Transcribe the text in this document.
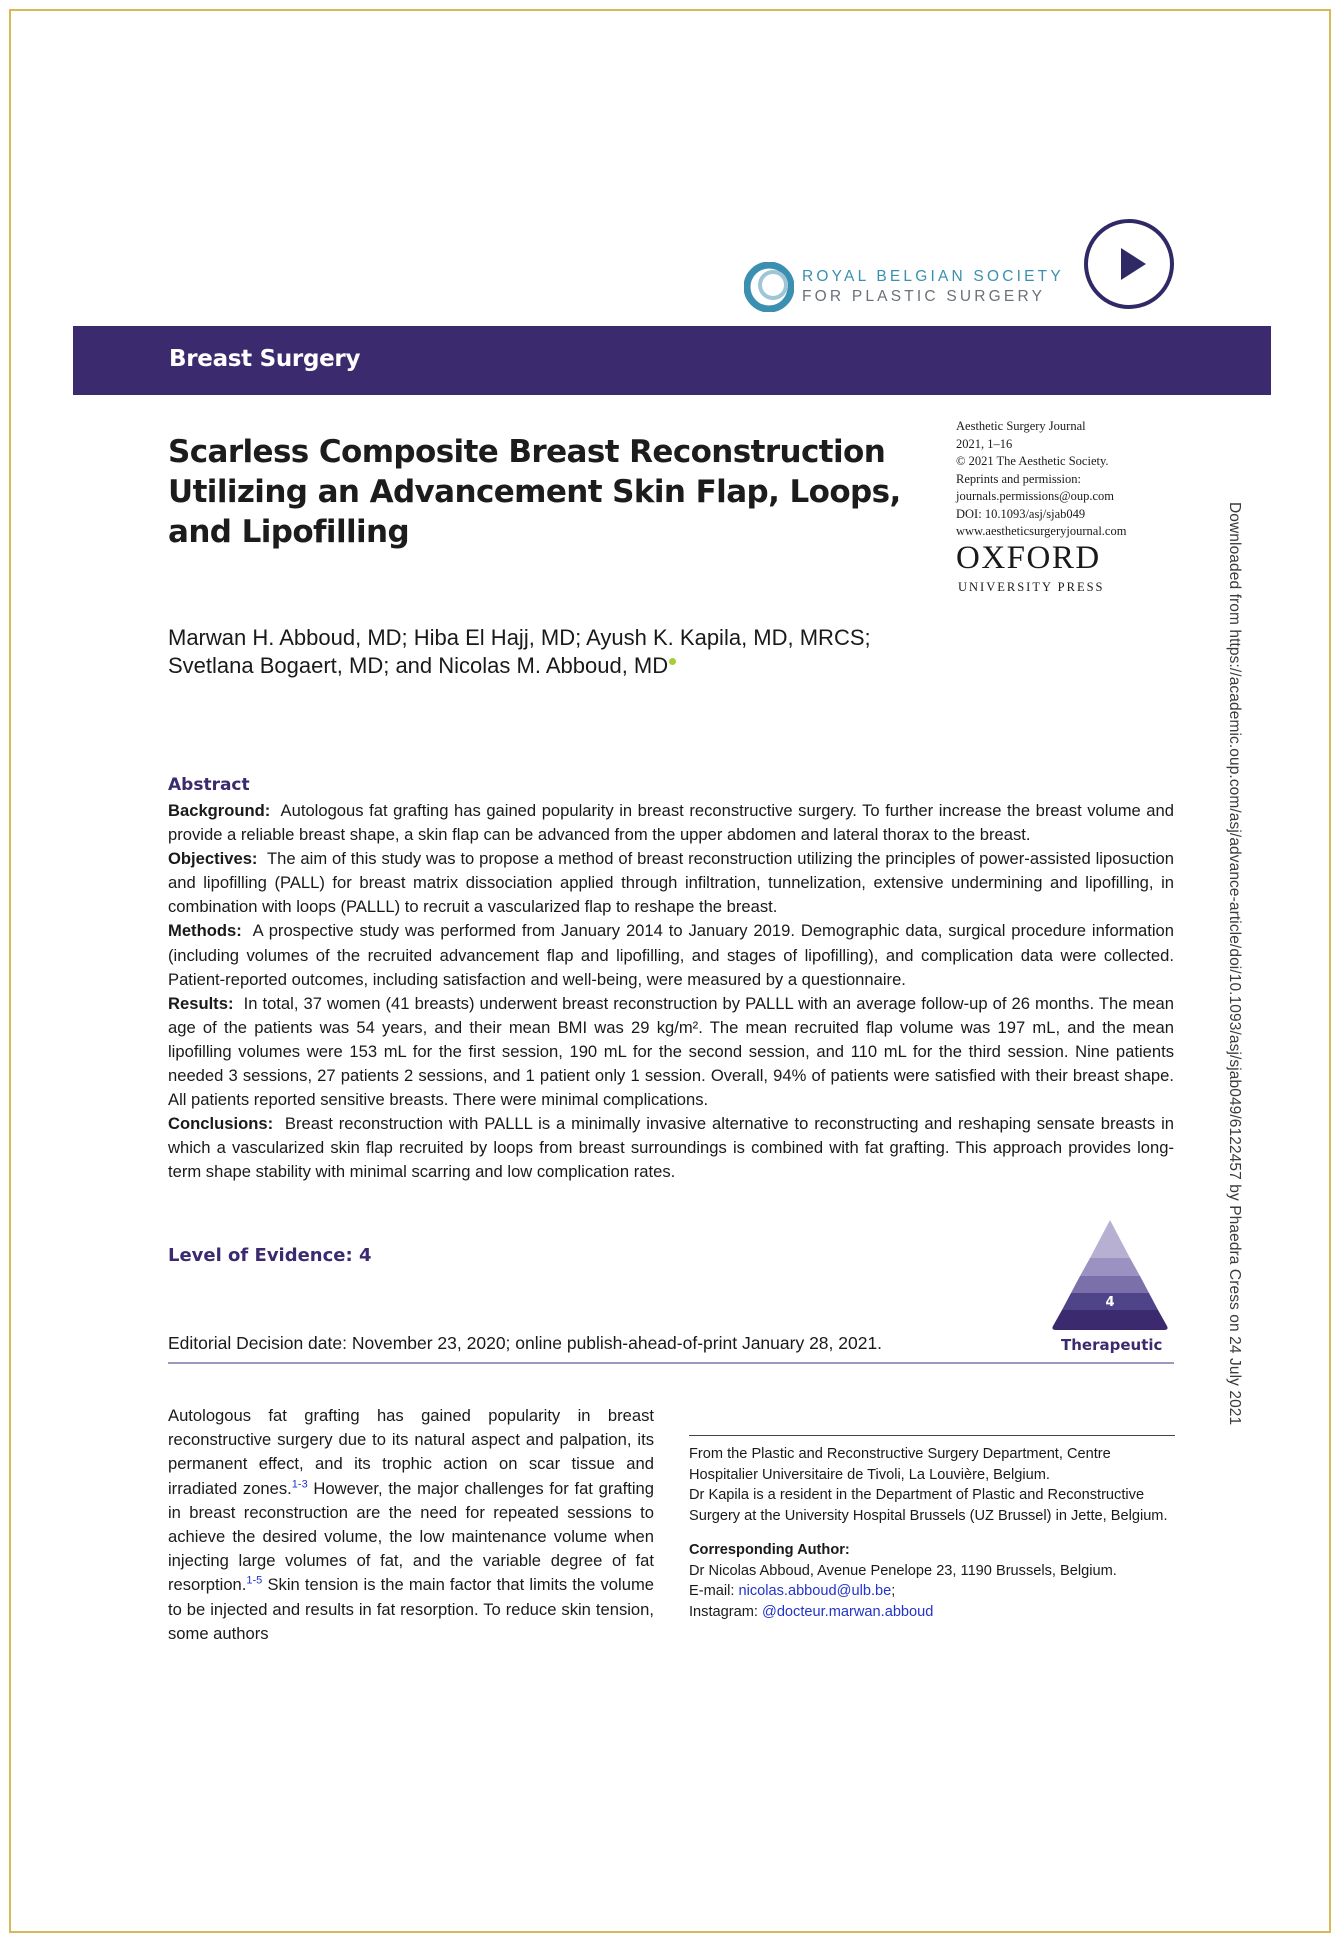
ROYAL BELGIAN SOCIETY
FOR PLASTIC SURGERY
Breast Surgery
Scarless Composite Breast Reconstruction Utilizing an Advancement Skin Flap, Loops, and Lipofilling
Aesthetic Surgery Journal
2021, 1–16
© 2021 The Aesthetic Society.
Reprints and permission:
journals.permissions@oup.com
DOI: 10.1093/asj/sjab049
www.aestheticsurgeryjournal.com
OXFORD
UNIVERSITY PRESS
Marwan H. Abboud, MD; Hiba El Hajj, MD; Ayush K. Kapila, MD, MRCS;
Svetlana Bogaert, MD; and Nicolas M. Abboud, MD	Downloaded from https://academic.oup.com/asj/advance-article/doi/10.1093/asj/sjab049/6122457 by Phaedra Cress on 24 July 2021
Abstract

Background: Autologous fat grafting has gained popularity in breast reconstructive surgery. To further increase the breast volume and provide a reliable breast shape, a skin flap can be advanced from the upper abdomen and lateral thorax to the breast.

Objectives: The aim of this study was to propose a method of breast reconstruction utilizing the principles of power-assisted liposuction and lipofilling (PALL) for breast matrix dissociation applied through infiltration, tunnelization, extensive undermining and lipofilling, in combination with loops (PALLL) to recruit a vascularized flap to reshape the breast.

Methods: A prospective study was performed from January 2014 to January 2019. Demographic data, surgical procedure information (including volumes of the recruited advancement flap and lipofilling, and stages of lipofilling), and complication data were collected. Patient-reported outcomes, including satisfaction and well-being, were measured by a questionnaire.

Results: In total, 37 women (41 breasts) underwent breast reconstruction by PALLL with an average follow-up of 26 months. The mean age of the patients was 54 years, and their mean BMI was 29 kg/m². The mean recruited flap volume was 197 mL, and the mean lipofilling volumes were 153 mL for the first session, 190 mL for the second session, and 110 mL for the third session. Nine patients needed 3 sessions, 27 patients 2 sessions, and 1 patient only 1 session. Overall, 94% of patients were satisfied with their breast shape. All patients reported sensitive breasts. There were minimal complications.

Conclusions: Breast reconstruction with PALLL is a minimally invasive alternative to reconstructing and reshaping sensate breasts in which a vascularized skin flap recruited by loops from breast surroundings is combined with fat grafting. This approach provides long-term shape stability with minimal scarring and low complication rates.

Level of Evidence: 4
4
Therapeutic
Editorial Decision date: November 23, 2020; online publish-ahead-of-print January 28, 2021.

Autologous fat grafting has gained popularity in breast reconstructive surgery due to its natural aspect and palpation, its permanent effect, and its trophic action on scar tissue and irradiated zones.$^{1-3}$ However, the major challenges for fat grafting in breast reconstruction are the need for repeated sessions to achieve the desired volume, the low maintenance volume when injecting large volumes of fat, and the variable degree of fat resorption.$^{1-5}$ Skin tension is the main factor that limits the volume to be injected and results in fat resorption. To reduce skin tension, some authors

From the Plastic and Reconstructive Surgery Department, Centre Hospitalier Universitaire de Tivoli, La Louvière, Belgium.

Dr Kapila is a resident in the Department of Plastic and Reconstructive Surgery at the University Hospital Brussels (UZ Brussel) in Jette, Belgium.

Corresponding Author:

Dr Nicolas Abboud, Avenue Penelope 23, 1190 Brussels, Belgium.

E-mail: nicolas.abboud@ulb.be;

Instagram: @docteur.marwan.abboud
